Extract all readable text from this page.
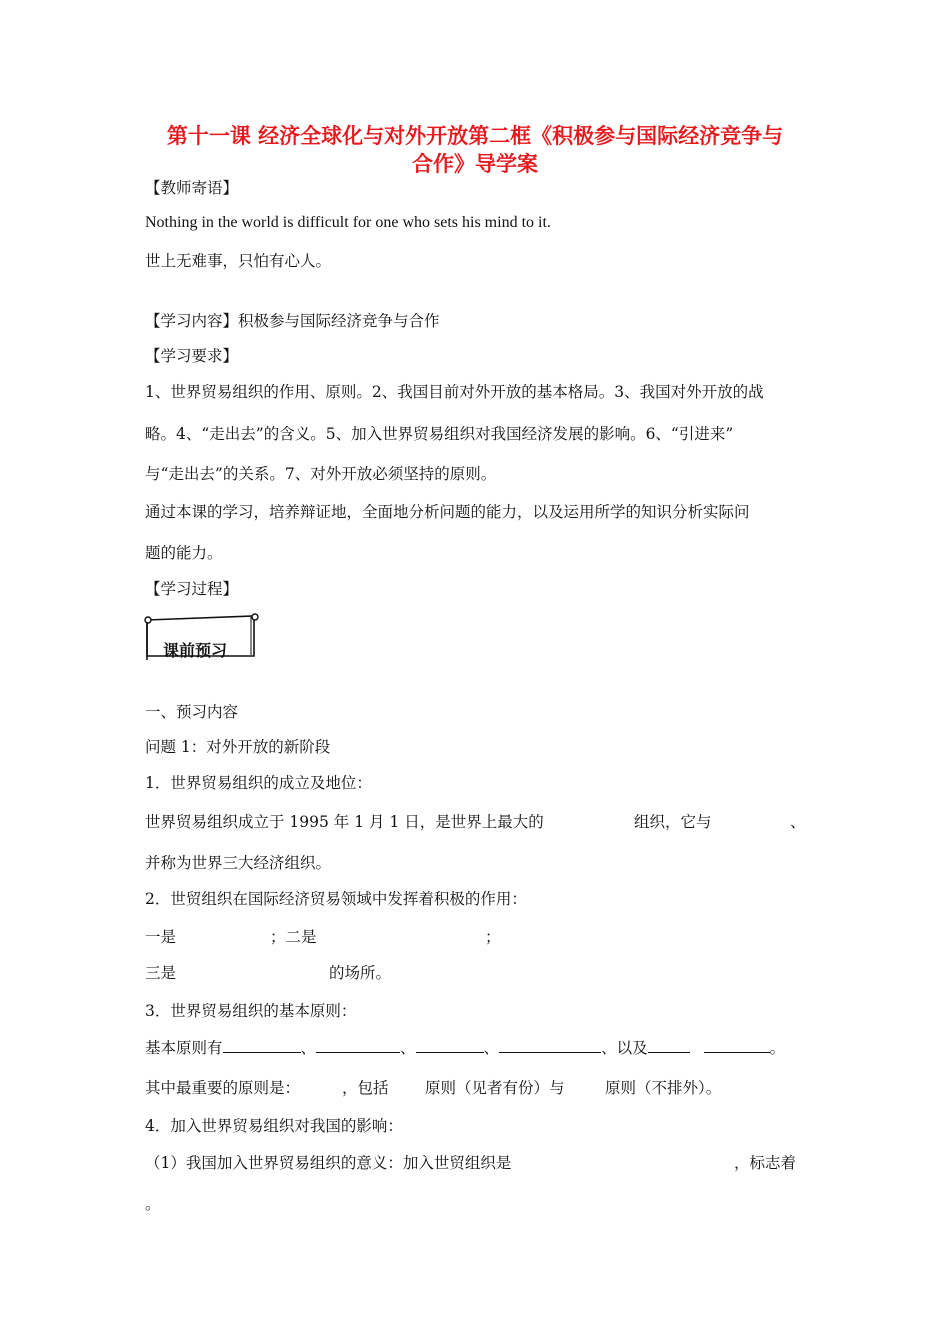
第十一课 经济全球化与对外开放第二框《积极参与国际经济竞争与
合作》导学案
【教师寄语】
Nothing in the world is difficult for one who sets his mind to it.
世上无难事，只怕有心人。
【学习内容】积极参与国际经济竞争与合作
【学习要求】
1、世界贸易组织的作用、原则。2、我国目前对外开放的基本格局。3、我国对外开放的战
略。4、“走出去”的含义。5、加入世界贸易组织对我国经济发展的影响。6、“引进来”
与“走出去”的关系。7、对外开放必须坚持的原则。
通过本课的学习，培养辩证地，全面地分析问题的能力，以及运用所学的知识分析实际问
题的能力。
【学习过程】
课前预习
一、预习内容
问题 1：对外开放的新阶段
1．世界贸易组织的成立及地位：
世界贸易组织成立于 1995 年 1 月 1 日，是世界上最大的	组织，它与	、
并称为世界三大经济组织。
2．世贸组织在国际经济贸易领域中发挥着积极的作用：
一是	；二是	；
三是	的场所。
3．世界贸易组织的基本原则：
基本原则有	、	、	、	、以及	。
其中最重要的原则是：	，包括 原则（见者有份）与	原则（不排外）。
4．加入世界贸易组织对我国的影响：
（1）我国加入世界贸易组织的意义：加入世贸组织是	，标志着
。
